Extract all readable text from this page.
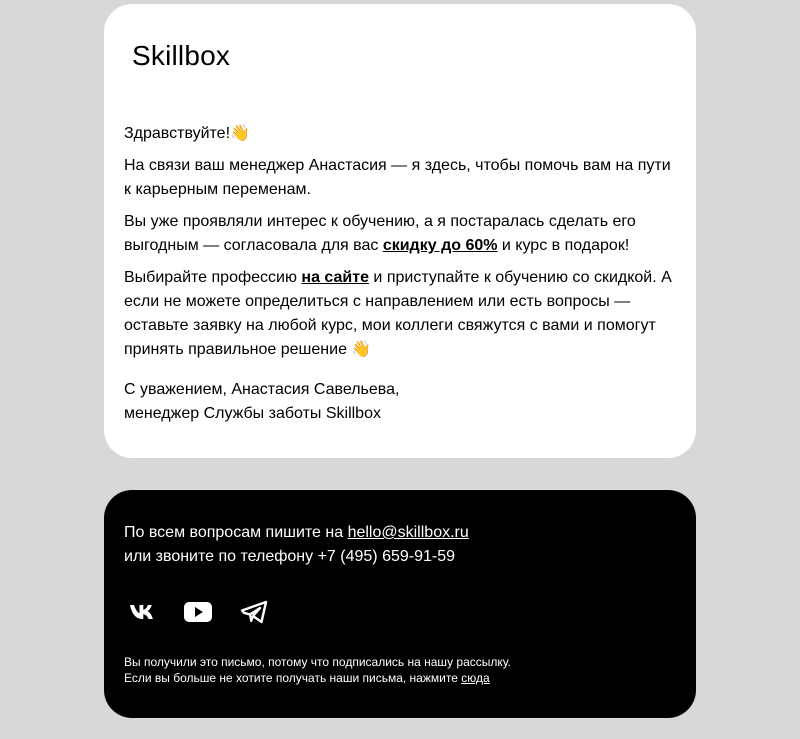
Skillbox

Здравствуйте!👋

На связи ваш менеджер Анастасия — я здесь, чтобы помочь вам на пути к карьерным переменам.

Вы уже проявляли интерес к обучению, а я постаралась сделать его выгодным — согласовала для вас скидку до 60% и курс в подарок!

Выбирайте профессию на сайте и приступайте к обучению со скидкой. А если не можете определиться с направлением или есть вопросы — оставьте заявку на любой курс, мои коллеги свяжутся с вами и помогут принять правильное решение 👋

С уважением, Анастасия Савельева,
менеджер Службы заботы Skillbox

По всем вопросам пишите на hello@skillbox.ru
или звоните по телефону +7 (495) 659-91-59
Вы получили это письмо, потому что подписались на нашу рассылку.
Если вы больше не хотите получать наши письма, нажмите сюда
